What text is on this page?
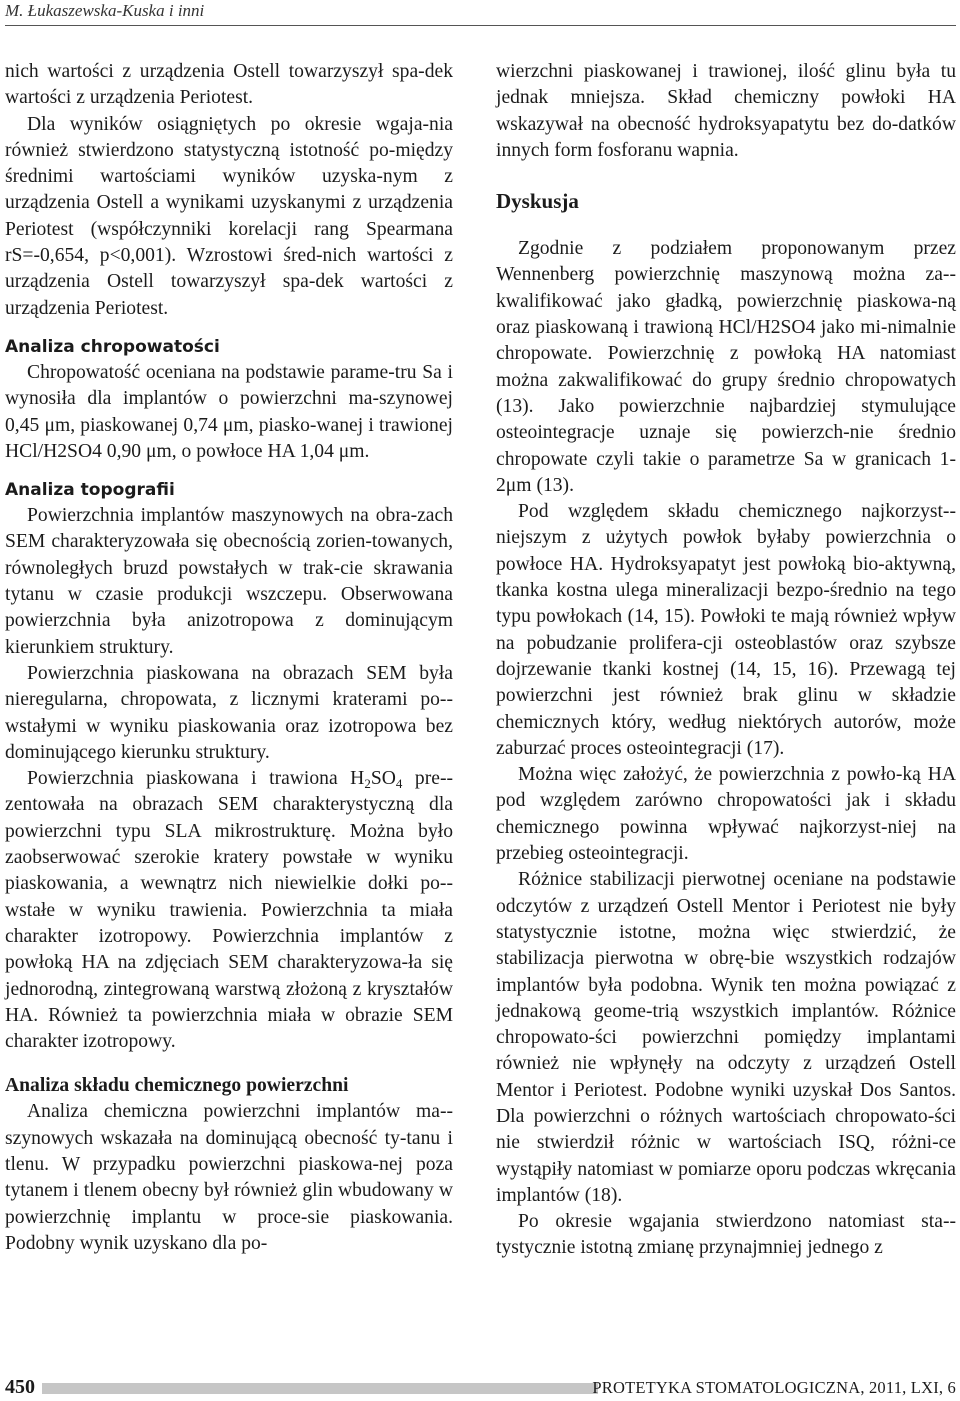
M. Łukaszewska-Kuska i inni

nich wartości z urządzenia Ostell towarzyszył spa-dek wartości z urządzenia Periotest.

Dla wyników osiągniętych po okresie wgaja-nia również stwierdzono statystyczną istotność po-między średnimi wartościami wyników uzyska-nym z urządzenia Ostell a wynikami uzyskanymi z urządzenia Periotest (współczynniki korelacji rang Spearmana rS=-0,654, p<0,001). Wzrostowi śred-nich wartości z urządzenia Ostell towarzyszył spa-dek wartości z urządzenia Periotest.

Analiza chropowatości

Chropowatość oceniana na podstawie parame-tru Sa i wynosiła dla implantów o powierzchni ma-szynowej 0,45 μm, piaskowanej 0,74 μm, piasko-wanej i trawionej HCl/H2SO4 0,90 μm, o powłoce HA 1,04 μm.

Analiza topografii

Powierzchnia implantów maszynowych na obra-zach SEM charakteryzowała się obecnością zorien-towanych, równoległych bruzd powstałych w trak-cie skrawania tytanu w czasie produkcji wszczepu. Obserwowana powierzchnia była anizotropowa z dominującym kierunkiem struktury.

Powierzchnia piaskowana na obrazach SEM była nieregularna, chropowata, z licznymi kraterami po-wstałymi w wyniku piaskowania oraz izotropowa bez dominującego kierunku struktury.

Powierzchnia piaskowana i trawiona $H_2SO_4$ pre-zentowała na obrazach SEM charakterystyczną dla powierzchni typu SLA mikrostrukturę. Można było zaobserwować szerokie kratery powstałe w wyniku piaskowania, a wewnątrz nich niewielkie dołki po-wstałe w wyniku trawienia. Powierzchnia ta miała charakter izotropowy. Powierzchnia implantów z powłoką HA na zdjęciach SEM charakteryzowa-ła się jednorodną, zintegrowaną warstwą złożoną z kryształów HA. Również ta powierzchnia miała w obrazie SEM charakter izotropowy.

Analiza składu chemicznego powierzchni

Analiza chemiczna powierzchni implantów ma-szynowych wskazała na dominującą obecność ty-tanu i tlenu. W przypadku powierzchni piaskowa-nej poza tytanem i tlenem obecny był również glin wbudowany w powierzchnię implantu w proce-sie piaskowania. Podobny wynik uzyskano dla po-

wierzchni piaskowanej i trawionej, ilość glinu była tu jednak mniejsza. Skład chemiczny powłoki HA wskazywał na obecność hydroksyapatytu bez do-datków innych form fosforanu wapnia.

Dyskusja

Zgodnie z podziałem proponowanym przez Wennenberg powierzchnię maszynową można za-kwalifikować jako gładką, powierzchnię piaskowa-ną oraz piaskowaną i trawioną HCl/H2SO4 jako mi-nimalnie chropowate. Powierzchnię z powłoką HA natomiast można zakwalifikować do grupy średnio chropowatych (13). Jako powierzchnie najbardziej stymulujące osteointegracje uznaje się powierzch-nie średnio chropowate czyli takie o parametrze Sa w granicach 1-2μm (13).

Pod względem składu chemicznego najkorzyst-niejszym z użytych powłok byłaby powierzchnia o powłoce HA. Hydroksyapatyt jest powłoką bio-aktywną, tkanka kostna ulega mineralizacji bezpo-średnio na tego typu powłokach (14, 15). Powłoki te mają również wpływ na pobudzanie prolifera-cji osteoblastów oraz szybsze dojrzewanie tkanki kostnej (14, 15, 16). Przewagą tej powierzchni jest również brak glinu w składzie chemicznych który, według niektórych autorów, może zaburzać proces osteointegracji (17).

Można więc założyć, że powierzchnia z powło-ką HA pod względem zarówno chropowatości jak i składu chemicznego powinna wpływać najkorzyst-niej na przebieg osteointegracji.

Różnice stabilizacji pierwotnej oceniane na podstawie odczytów z urządzeń Ostell Mentor i Periotest nie były statystycznie istotne, można więc stwierdzić, że stabilizacja pierwotna w obrę-bie wszystkich rodzajów implantów była podobna. Wynik ten można powiązać z jednakową geome-trią wszystkich implantów. Różnice chropowato-ści powierzchni pomiędzy implantami również nie wpłynęły na odczyty z urządzeń Ostell Mentor i Periotest. Podobne wyniki uzyskał Dos Santos. Dla powierzchni o różnych wartościach chropowato-ści nie stwierdził różnic w wartościach ISQ, różni-ce wystąpiły natomiast w pomiarze oporu podczas wkręcania implantów (18).

Po okresie wgajania stwierdzono natomiast sta-tystycznie istotną zmianę przynajmniej jednego z

450	PROTETYKA STOMATOLOGICZNA, 2011, LXI, 6
